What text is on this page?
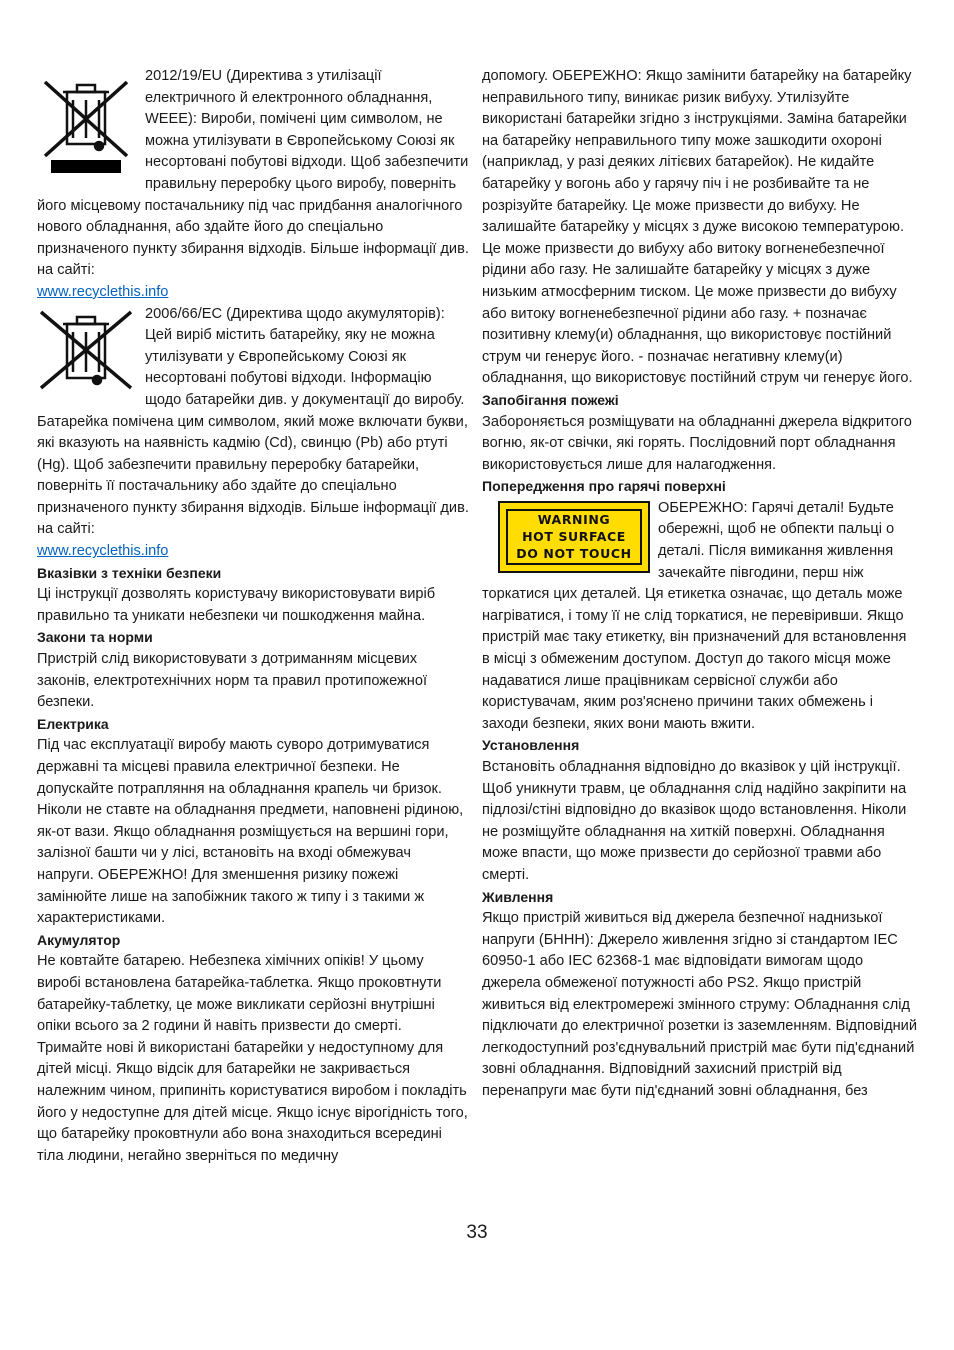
2012/19/EU (Директива з утилізації електричного й електронного обладнання, WEEE): Вироби, помічені цим символом, не можна утилізувати в Європейському Союзі як несортовані побутові відходи. Щоб забезпечити правильну переробку цього виробу, поверніть його місцевому постачальнику під час придбання аналогічного нового обладнання, або здайте його до спеціально призначеного пункту збирання відходів. Більше інформації див. на сайті:

www.recyclethis.info

2006/66/EC (Директива щодо акумуляторів): Цей виріб містить батарейку, яку не можна утилізувати у Європейському Союзі як несортовані побутові відходи. Інформацію щодо батарейки див. у документації до виробу. Батарейка помічена цим символом, який може включати букви, які вказують на наявність кадмію (Cd), свинцю (Pb) або ртуті (Hg). Щоб забезпечити правильну переробку батарейки, поверніть її постачальнику або здайте до спеціально призначеного пункту збирання відходів. Більше інформації див. на сайті:

www.recyclethis.info

Вказівки з техніки безпеки

Ці інструкції дозволять користувачу використовувати виріб правильно та уникати небезпеки чи пошкодження майна.

Закони та норми

Пристрій слід використовувати з дотриманням місцевих законів, електротехнічних норм та правил протипожежної безпеки.

Електрика

Під час експлуатації виробу мають суворо дотримуватися державні та місцеві правила електричної безпеки. Не допускайте потрапляння на обладнання крапель чи бризок. Ніколи не ставте на обладнання предмети, наповнені рідиною, як-от вази. Якщо обладнання розміщується на вершині гори, залізної башти чи у лісі, встановіть на вході обмежувач напруги. ОБЕРЕЖНО! Для зменшення ризику пожежі замінюйте лише на запобіжник такого ж типу і з такими ж характеристиками.

Акумулятор

Не ковтайте батарею. Небезпека хімічних опіків! У цьому виробі встановлена батарейка-таблетка. Якщо проковтнути батарейку-таблетку, це може викликати серйозні внутрішні опіки всього за 2 години й навіть призвести до смерті. Тримайте нові й використані батарейки у недоступному для дітей місці. Якщо відсік для батарейки не закривається належним чином, припиніть користуватися виробом і покладіть його у недоступне для дітей місце. Якщо існує вірогідність того, що батарейку проковтнули або вона знаходиться всередині тіла людини, негайно зверніться по медичну

допомогу. ОБЕРЕЖНО: Якщо замінити батарейку на батарейку неправильного типу, виникає ризик вибуху. Утилізуйте використані батарейки згідно з інструкціями. Заміна батарейки на батарейку неправильного типу може зашкодити охороні (наприклад, у разі деяких літієвих батарейок). Не кидайте батарейку у вогонь або у гарячу піч і не розбивайте та не розрізуйте батарейку. Це може призвести до вибуху. Не залишайте батарейку у місцях з дуже високою температурою. Це може призвести до вибуху або витоку вогненебезпечної рідини або газу. Не залишайте батарейку у місцях з дуже низьким атмосферним тиском. Це може призвести до вибуху або витоку вогненебезпечної рідини або газу. + позначає позитивну клему(и) обладнання, що використовує постійний струм чи генерує його. - позначає негативну клему(и) обладнання, що використовує постійний струм чи генерує його.

Запобігання пожежі

Забороняється розміщувати на обладнанні джерела відкритого вогню, як-от свічки, які горять. Послідовний порт обладнання використовується лише для налагодження.

Попередження про гарячі поверхні
WARNING
HOT SURFACE
DO NOT TOUCH

ОБЕРЕЖНО: Гарячі деталі! Будьте обережні, щоб не обпекти пальці о деталі. Після вимикання живлення зачекайте півгодини, перш ніж торкатися цих деталей. Ця етикетка означає, що деталь може нагріватися, і тому її не слід торкатися, не перевіривши. Якщо пристрій має таку етикетку, він призначений для встановлення в місці з обмеженим доступом. Доступ до такого місця може надаватися лише працівникам сервісної служби або користувачам, яким роз'яснено причини таких обмежень і заходи безпеки, яких вони мають вжити.

Установлення

Встановіть обладнання відповідно до вказівок у цій інструкції. Щоб уникнути травм, це обладнання слід надійно закріпити на підлозі/стіні відповідно до вказівок щодо встановлення. Ніколи не розміщуйте обладнання на хиткій поверхні. Обладнання може впасти, що може призвести до серйозної травми або смерті.

Живлення

Якщо пристрій живиться від джерела безпечної наднизької напруги (БННН): Джерело живлення згідно зі стандартом IEC 60950-1 або IEC 62368-1 має відповідати вимогам щодо джерела обмеженої потужності або PS2. Якщо пристрій живиться від електромережі змінного струму: Обладнання слід підключати до електричної розетки із заземленням. Відповідний легкодоступний роз'єднувальний пристрій має бути під'єднаний зовні обладнання. Відповідний захисний пристрій від перенапруги має бути під'єднаний зовні обладнання, без

33
